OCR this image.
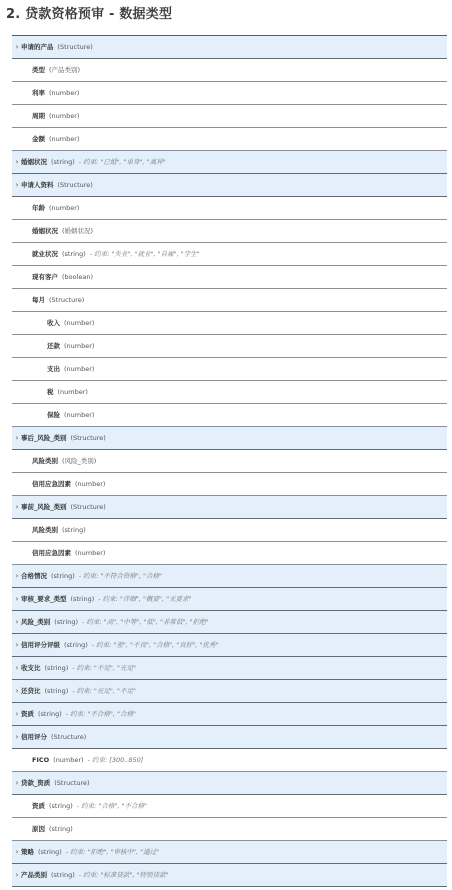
2. 贷款资格预审 - 数据类型
› 申请的产品 (Structure)
类型 (产品类别)
利率 (number)
周期 (number)
金额 (number)
› 婚姻状况 (string) - 约束: "已婚", "单身", "离异"
› 申请人资料 (Structure)
年龄 (number)
婚姻状况 (婚姻状况)
就业状况 (string) - 约束: "失业", "就业", "自雇", "学生"
现有客户 (boolean)
每月 (Structure)
收入 (number)
还款 (number)
支出 (number)
税 (number)
保险 (number)
› 事后_风险_类别 (Structure)
风险类别 (风险_类别)
信用应急因素 (number)
› 事前_风险_类别 (Structure)
风险类别 (string)
信用应急因素 (number)
› 合格情况 (string) - 约束: "不符合资格", "合格"
› 审核_要求_类型 (string) - 约束: "详细", "概要", "无要求"
› 风险_类别 (string) - 约束: "高", "中等", "低", "非常低", "拒绝"
› 信用评分评级 (string) - 约束: "差", "不良", "合格", "良好", "优秀"
› 收支比 (string) - 约束: "不足", "充足"
› 还贷比 (string) - 约束: "充足", "不足"
› 资质 (string) - 约束: "不合格", "合格"
› 信用评分 (Structure)
FICO (number) - 约束: [300..850]
› 贷款_资质 (Structure)
资质 (string) - 约束: "合格", "不合格"
原因 (string)
› 策略 (string) - 约束: "拒绝", "审核中", "通过"
› 产品类别 (string) - 约束: "标准贷款", "特别贷款"
